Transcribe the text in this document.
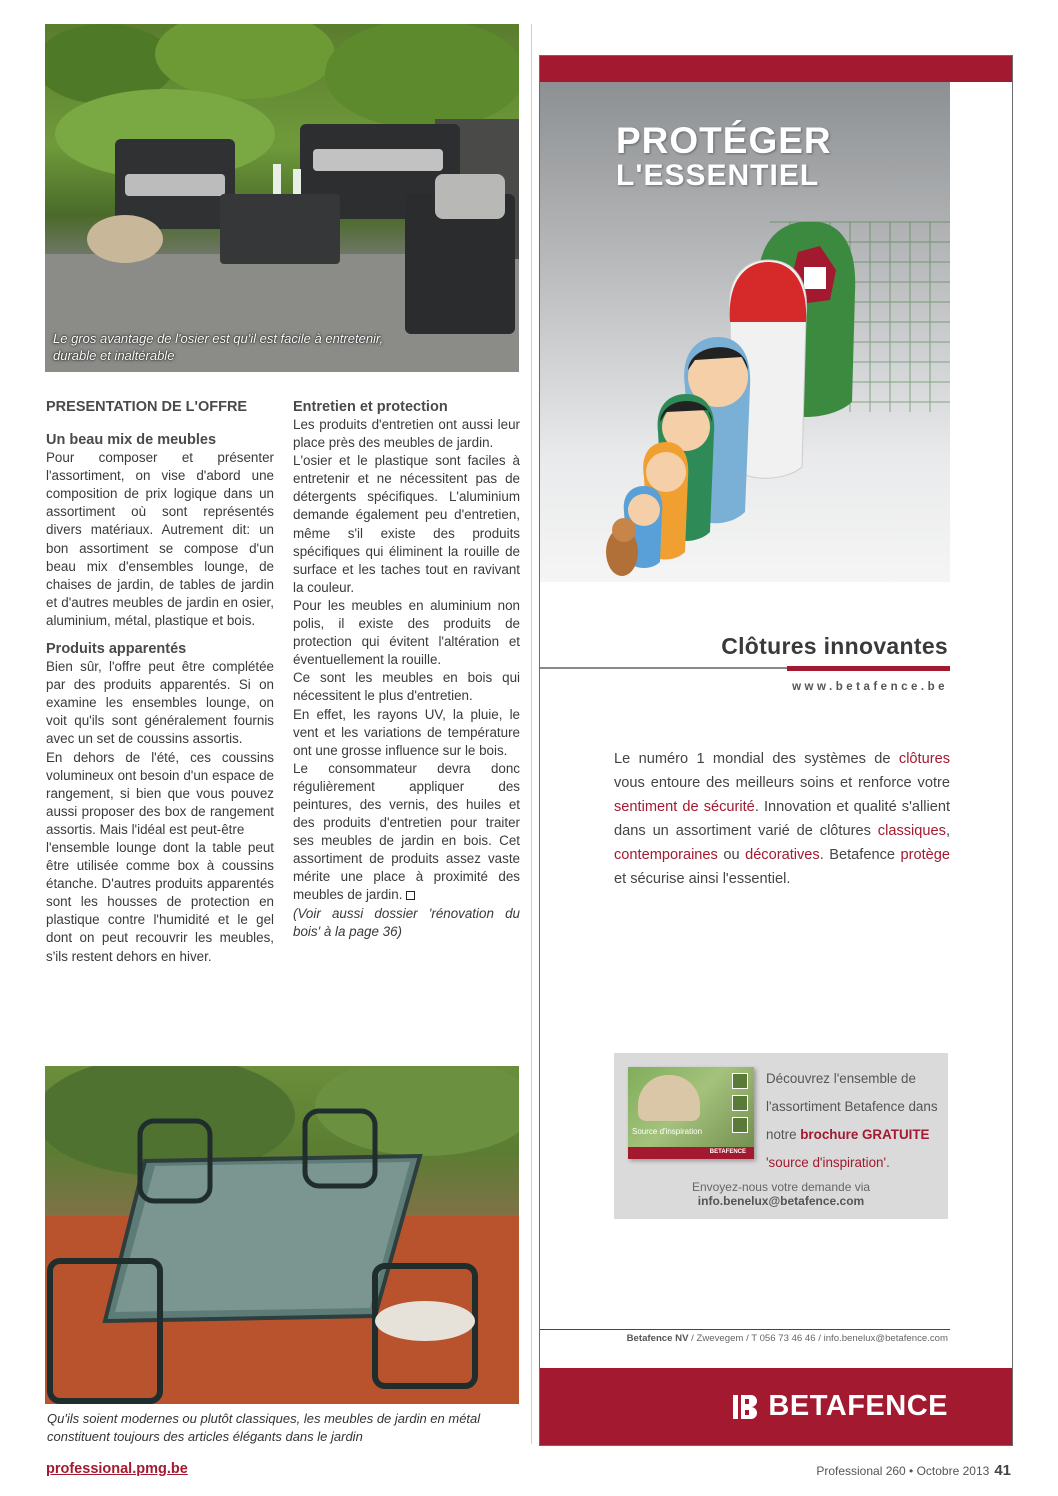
Le gros avantage de l'osier est qu'il est facile à entretenir, durable et inaltérable
PRESENTATION DE L'OFFRE
Un beau mix de meubles
Pour composer et présenter l'assortiment, on vise d'abord une composition de prix logique dans un assortiment où sont représentés divers matériaux. Autrement dit: un bon assortiment se compose d'un beau mix d'ensembles lounge, de chaises de jardin, de tables de jardin et d'autres meubles de jardin en osier, aluminium, métal, plastique et bois.
Produits apparentés
Bien sûr, l'offre peut être complétée par des produits apparentés. Si on examine les ensembles lounge, on voit qu'ils sont généralement fournis avec un set de coussins assortis.
En dehors de l'été, ces coussins volumineux ont besoin d'un espace de rangement, si bien que vous pouvez aussi proposer des box de rangement assortis. Mais l'idéal est peut-être
l'ensemble lounge dont la table peut être utilisée comme box à coussins étanche. D'autres produits apparentés sont les housses de protection en plastique contre l'humidité et le gel dont on peut recouvrir les meubles, s'ils restent dehors en hiver.
Entretien et protection
Les produits d'entretien ont aussi leur place près des meubles de jardin.
L'osier et le plastique sont faciles à entretenir et ne nécessitent pas de détergents spécifiques. L'aluminium demande également peu d'entretien, même s'il existe des produits spécifiques qui éliminent la rouille de surface et les taches tout en ravivant la couleur.
Pour les meubles en aluminium non polis, il existe des produits de protection qui évitent l'altération et éventuellement la rouille.
Ce sont les meubles en bois qui nécessitent le plus d'entretien.
En effet, les rayons UV, la pluie, le vent et les variations de température ont une grosse influence sur le bois.
Le consommateur devra donc régulièrement appliquer des peintures, des vernis, des huiles et des produits d'entretien pour traiter ses meubles de jardin en bois. Cet assortiment de produits assez vaste mérite une place à proximité des meubles de jardin.
(Voir aussi dossier 'rénovation du bois' à la page 36)
Qu'ils soient modernes ou plutôt classiques, les meubles de jardin en métal constituent toujours des articles élégants dans le jardin
PROTÉGER
L'ESSENTIEL
Clôtures innovantes
www.betafence.be
Le numéro 1 mondial des systèmes de clôtures vous entoure des meilleurs soins et renforce votre sentiment de sécurité. Innovation et qualité s'allient dans un assortiment varié de clôtures classiques, contemporaines ou décoratives. Betafence protège et sécurise ainsi l'essentiel.
Source d'inspiration
BETAFENCE
Découvrez l'ensemble de l'assortiment Betafence dans notre brochure GRATUITE
'source d'inspiration'.
Envoyez-nous votre demande via info.benelux@betafence.com
Betafence NV / Zwevegem / T 056 73 46 46 / info.benelux@betafence.com
BETAFENCE
professional.pmg.be	Professional 260 • Octobre 2013 41
